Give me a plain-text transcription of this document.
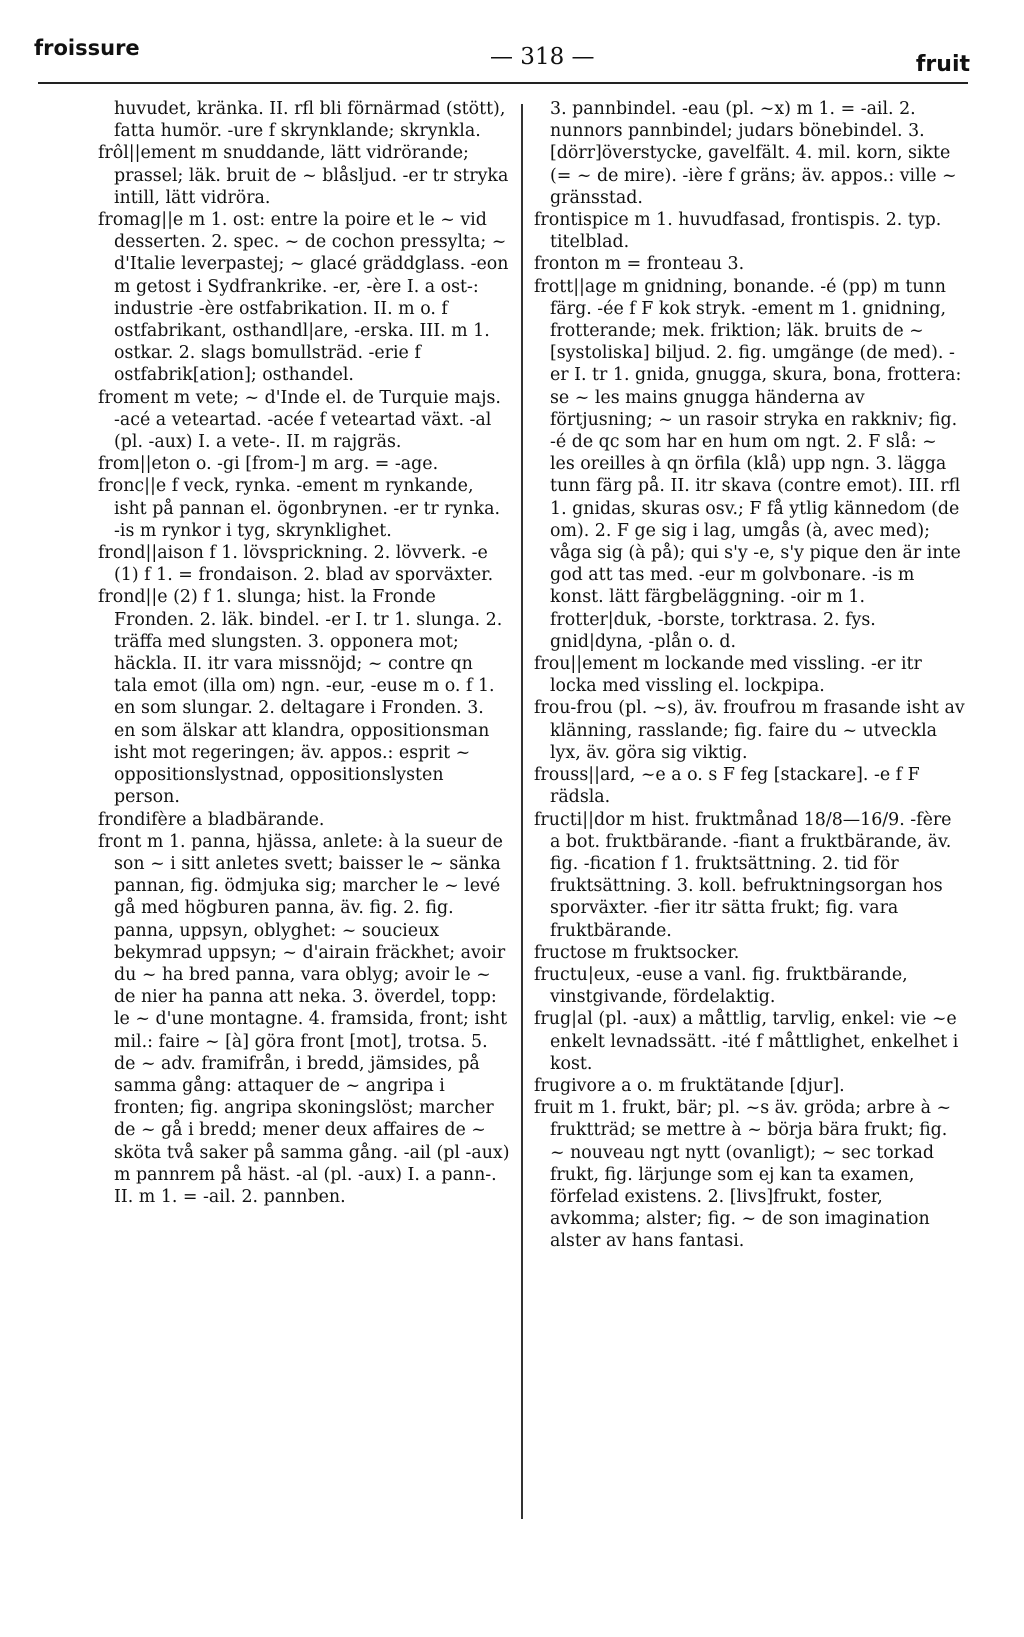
froissure	— 318 —	fruit

huvudet, kränka. II. rfl bli förnärmad (stött), fatta humör. -ure f skrynklande; skrynkla.

frôl||ement m snuddande, lätt vidrörande; prassel; läk. bruit de ~ blåsljud. -er tr stryka intill, lätt vidröra.

fromag||e m 1. ost: entre la poire et le ~ vid desserten. 2. spec. ~ de cochon pressylta; ~ d'Italie leverpastej; ~ glacé gräddglass. -eon m getost i Sydfrankrike. -er, -ère I. a ost-: industrie -ère ostfabrikation. II. m o. f ostfabrikant, osthandl|are, -erska. III. m 1. ostkar. 2. slags bomullsträd. -erie f ostfabrik[ation]; osthandel.

froment m vete; ~ d'Inde el. de Turquie majs. -acé a veteartad. -acée f veteartad växt. -al (pl. -aux) I. a vete-. II. m rajgräs.

from||eton o. -gi [from-] m arg. = -age.

fronc||e f veck, rynka. -ement m rynkande, isht på pannan el. ögonbrynen. -er tr rynka. -is m rynkor i tyg, skrynklighet.

frond||aison f 1. lövsprickning. 2. lövverk. -e (1) f 1. = frondaison. 2. blad av sporväxter.

frond||e (2) f 1. slunga; hist. la Fronde Fronden. 2. läk. bindel. -er I. tr 1. slunga. 2. träffa med slungsten. 3. opponera mot; häckla. II. itr vara missnöjd; ~ contre qn tala emot (illa om) ngn. -eur, -euse m o. f 1. en som slungar. 2. deltagare i Fronden. 3. en som älskar att klandra, oppositionsman isht mot regeringen; äv. appos.: esprit ~ oppositionslystnad, oppositionslysten person.

frondifère a bladbärande.

front m 1. panna, hjässa, anlete: à la sueur de son ~ i sitt anletes svett; baisser le ~ sänka pannan, fig. ödmjuka sig; marcher le ~ levé gå med högburen panna, äv. fig. 2. fig. panna, uppsyn, oblyghet: ~ soucieux bekymrad uppsyn; ~ d'airain fräckhet; avoir du ~ ha bred panna, vara oblyg; avoir le ~ de nier ha panna att neka. 3. överdel, topp: le ~ d'une montagne. 4. framsida, front; isht mil.: faire ~ [à] göra front [mot], trotsa. 5. de ~ adv. framifrån, i bredd, jämsides, på samma gång: attaquer de ~ angripa i fronten; fig. angripa skoningslöst; marcher de ~ gå i bredd; mener deux affaires de ~ sköta två saker på samma gång. -ail (pl -aux) m pannrem på häst. -al (pl. -aux) I. a pann-. II. m 1. = -ail. 2. pannben.

3. pannbindel. -eau (pl. ~x) m 1. = -ail. 2. nunnors pannbindel; judars bönebindel. 3. [dörr]överstycke, gavelfält. 4. mil. korn, sikte (= ~ de mire). -ière f gräns; äv. appos.: ville ~ gränsstad.

frontispice m 1. huvudfasad, frontispis. 2. typ. titelblad.

fronton m = fronteau 3.

frott||age m gnidning, bonande. -é (pp) m tunn färg. -ée f F kok stryk. -ement m 1. gnidning, frotterande; mek. friktion; läk. bruits de ~ [systoliska] biljud. 2. fig. umgänge (de med). -er I. tr 1. gnida, gnugga, skura, bona, frottera: se ~ les mains gnugga händerna av förtjusning; ~ un rasoir stryka en rakkniv; fig. -é de qc som har en hum om ngt. 2. F slå: ~ les oreilles à qn örfila (klå) upp ngn. 3. lägga tunn färg på. II. itr skava (contre emot). III. rfl 1. gnidas, skuras osv.; F få ytlig kännedom (de om). 2. F ge sig i lag, umgås (à, avec med); våga sig (à på); qui s'y -e, s'y pique den är inte god att tas med. -eur m golvbonare. -is m konst. lätt färgbeläggning. -oir m 1. frotter|duk, -borste, torktrasa. 2. fys. gnid|dyna, -plån o. d.

frou||ement m lockande med vissling. -er itr locka med vissling el. lockpipa.

frou-frou (pl. ~s), äv. froufrou m frasande isht av klänning, rasslande; fig. faire du ~ utveckla lyx, äv. göra sig viktig.

frouss||ard, ~e a o. s F feg [stackare]. -e f F rädsla.

fructi||dor m hist. fruktmånad 18/8—16/9. -fère a bot. fruktbärande. -fiant a fruktbärande, äv. fig. -fication f 1. fruktsättning. 2. tid för fruktsättning. 3. koll. befruktningsorgan hos sporväxter. -fier itr sätta frukt; fig. vara fruktbärande.

fructose m fruktsocker.

fructu|eux, -euse a vanl. fig. fruktbärande, vinstgivande, fördelaktig.

frug|al (pl. -aux) a måttlig, tarvlig, enkel: vie ~e enkelt levnadssätt. -ité f måttlighet, enkelhet i kost.

frugivore a o. m fruktätande [djur].

fruit m 1. frukt, bär; pl. ~s äv. gröda; arbre à ~ fruktträd; se mettre à ~ börja bära frukt; fig. ~ nouveau ngt nytt (ovanligt); ~ sec torkad frukt, fig. lärjunge som ej kan ta examen, förfelad existens. 2. [livs]frukt, foster, avkomma; alster; fig. ~ de son imagination alster av hans fantasi.
